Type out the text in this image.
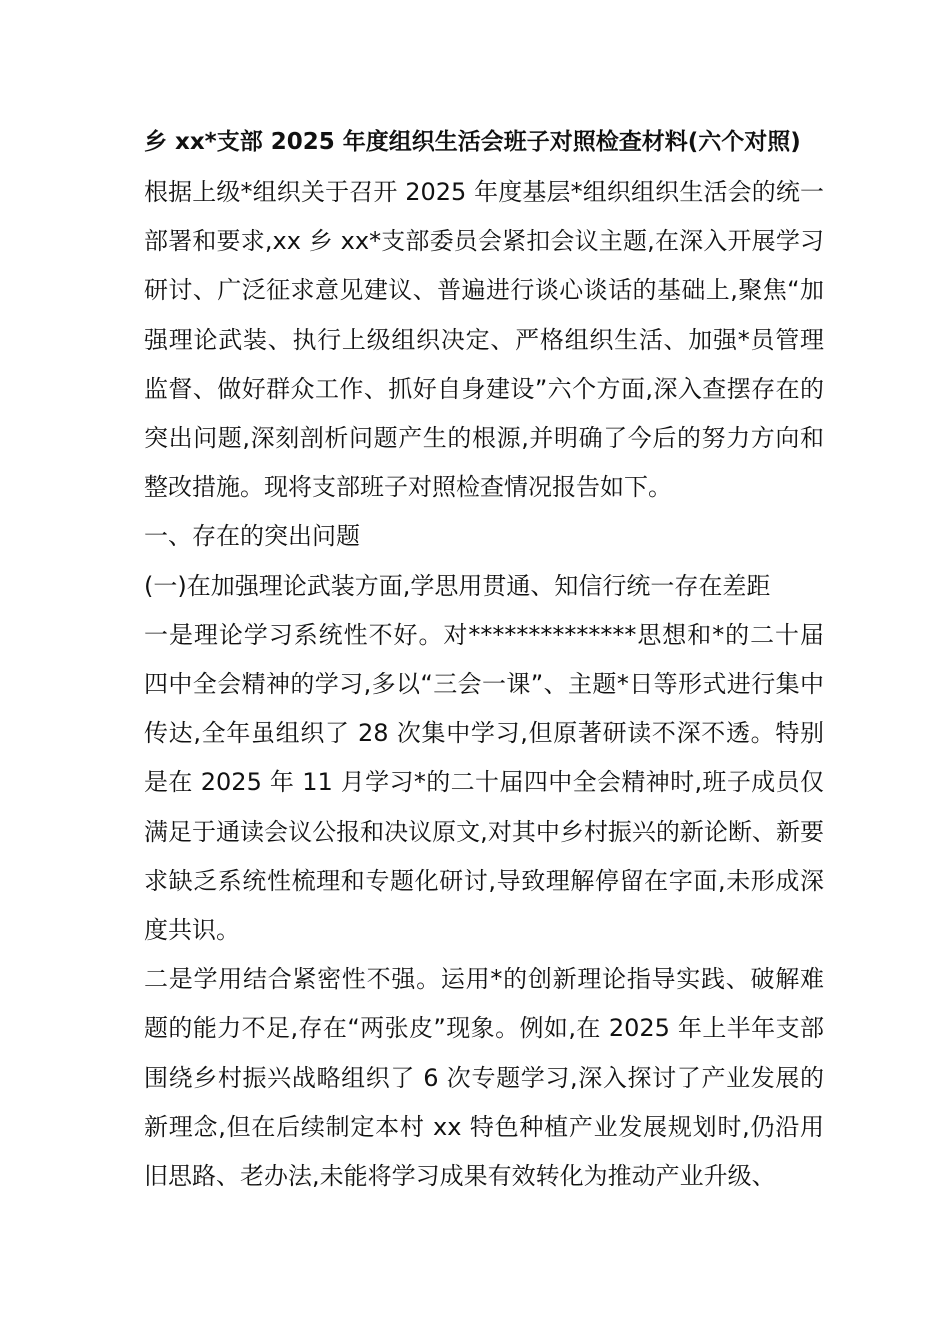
乡 xx*支部 2025 年度组织生活会班子对照检查材料(六个对照)

根据上级*组织关于召开 2025 年度基层*组织组织生活会的统一部署和要求,xx 乡 xx*支部委员会紧扣会议主题,在深入开展学习研讨、广泛征求意见建议、普遍进行谈心谈话的基础上,聚焦“加强理论武装、执行上级组织决定、严格组织生活、加强*员管理监督、做好群众工作、抓好自身建设”六个方面,深入查摆存在的突出问题,深刻剖析问题产生的根源,并明确了今后的努力方向和整改措施。现将支部班子对照检查情况报告如下。

一、存在的突出问题

(一)在加强理论武装方面,学思用贯通、知信行统一存在差距

一是理论学习系统性不好。对**************思想和*的二十届四中全会精神的学习,多以“三会一课”、主题*日等形式进行集中传达,全年虽组织了 28 次集中学习,但原著研读不深不透。特别是在 2025 年 11 月学习*的二十届四中全会精神时,班子成员仅满足于通读会议公报和决议原文,对其中乡村振兴的新论断、新要求缺乏系统性梳理和专题化研讨,导致理解停留在字面,未形成深度共识。

二是学用结合紧密性不强。运用*的创新理论指导实践、破解难题的能力不足,存在“两张皮”现象。例如,在 2025 年上半年支部围绕乡村振兴战略组织了 6 次专题学习,深入探讨了产业发展的新理念,但在后续制定本村 xx 特色种植产业发展规划时,仍沿用旧思路、老办法,未能将学习成果有效转化为推动产业升级、
